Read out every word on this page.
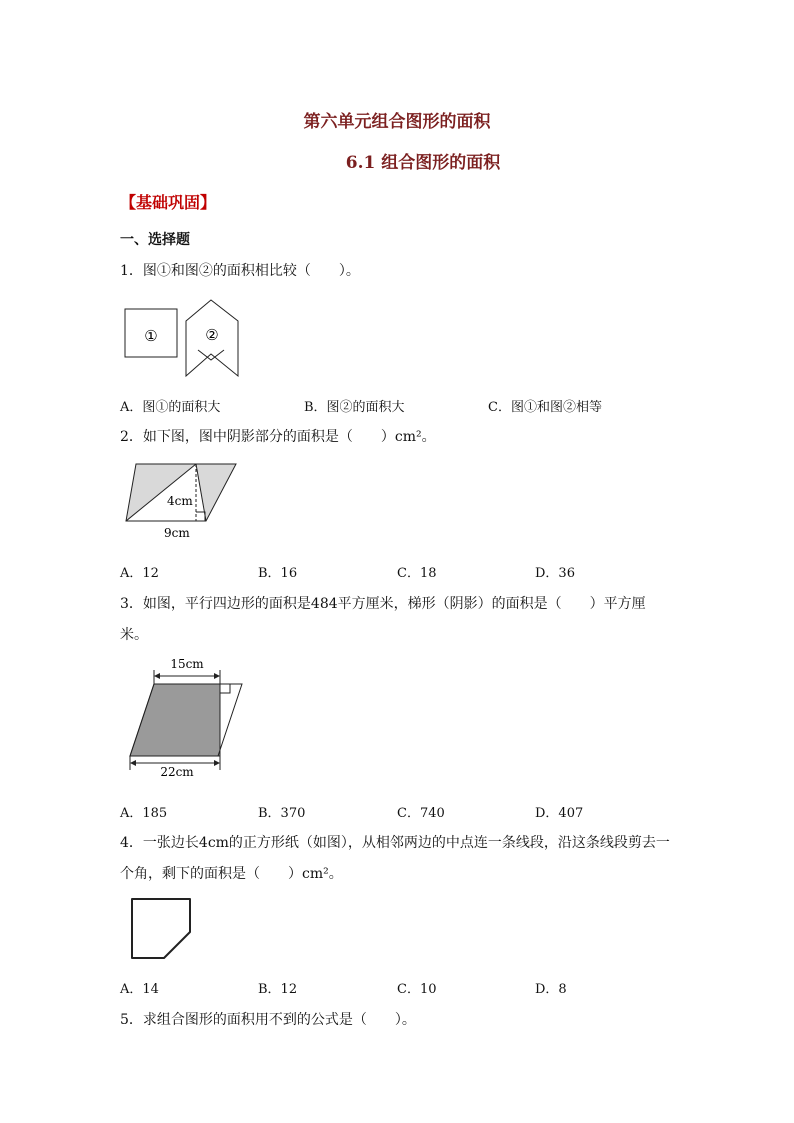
第六单元组合图形的面积
6.1 组合图形的面积
【基础巩固】
一、选择题
1．图①和图②的面积相比较（　　）。
①	②
A．图①的面积大	B．图②的面积大	C．图①和图②相等
2．如下图，图中阴影部分的面积是（　　）cm²。
4cm
9cm
A．12	B．16	C．18	D．36
3．如图，平行四边形的面积是484平方厘米，梯形（阴影）的面积是（　　）平方厘
米。
15cm
22cm
A．185	B．370	C．740	D．407
4．一张边长4cm的正方形纸（如图），从相邻两边的中点连一条线段，沿这条线段剪去一
个角，剩下的面积是（　　）cm²。
A．14	B．12	C．10	D．8
5．求组合图形的面积用不到的公式是（　　）。
